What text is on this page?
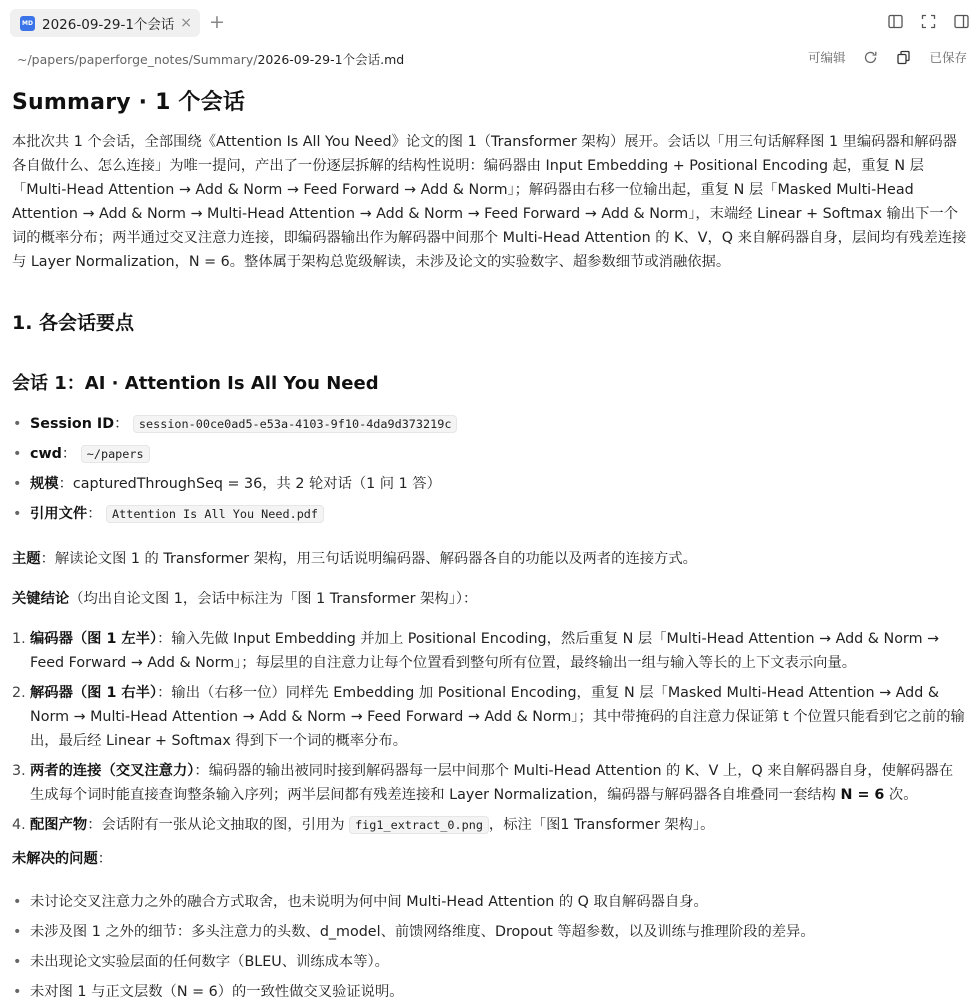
MD 2026-09-29-1个会话 × +
~/papers/paperforge_notes/Summary/2026-09-29-1个会话.md	可编辑	已保存
Summary · 1 个会话

本批次共 1 个会话，全部围绕《Attention Is All You Need》论文的图 1（Transformer 架构）展开。会话以「用三句话解释图 1 里编码器和解码器各自做什么、怎么连接」为唯一提问，产出了一份逐层拆解的结构性说明：编码器由 Input Embedding + Positional Encoding 起，重复 N 层「Multi-Head Attention → Add & Norm → Feed Forward → Add & Norm」；解码器由右移一位输出起，重复 N 层「Masked Multi-Head Attention → Add & Norm → Multi-Head Attention → Add & Norm → Feed Forward → Add & Norm」，末端经 Linear + Softmax 输出下一个词的概率分布；两半通过交叉注意力连接，即编码器输出作为解码器中间那个 Multi-Head Attention 的 K、V，Q 来自解码器自身，层间均有残差连接与 Layer Normalization，N = 6。整体属于架构总览级解读，未涉及论文的实验数字、超参数细节或消融依据。

1. 各会话要点
会话 1：AI · Attention Is All You Need
• Session ID： session-00ce0ad5-e53a-4103-9f10-4da9d373219c
• cwd： ~/papers
• 规模：capturedThroughSeq = 36，共 2 轮对话（1 问 1 答）
• 引用文件： Attention Is All You Need.pdf
主题：解读论文图 1 的 Transformer 架构，用三句话说明编码器、解码器各自的功能以及两者的连接方式。
关键结论（均出自论文图 1，会话中标注为「图 1 Transformer 架构」）：
1. 编码器（图 1 左半）：输入先做 Input Embedding 并加上 Positional Encoding，然后重复 N 层「Multi-Head Attention → Add & Norm → Feed Forward → Add & Norm」；每层里的自注意力让每个位置看到整句所有位置，最终输出一组与输入等长的上下文表示向量。
2. 解码器（图 1 右半）：输出（右移一位）同样先 Embedding 加 Positional Encoding，重复 N 层「Masked Multi-Head Attention → Add & Norm → Multi-Head Attention → Add & Norm → Feed Forward → Add & Norm」；其中带掩码的自注意力保证第 t 个位置只能看到它之前的输出，最后经 Linear + Softmax 得到下一个词的概率分布。
3. 两者的连接（交叉注意力）：编码器的输出被同时接到解码器每一层中间那个 Multi-Head Attention 的 K、V 上，Q 来自解码器自身，使解码器在生成每个词时能直接查询整条输入序列；两半层间都有残差连接和 Layer Normalization，编码器与解码器各自堆叠同一套结构 N = 6 次。
4. 配图产物：会话附有一张从论文抽取的图，引用为 fig1_extract_0.png ，标注「图1 Transformer 架构」。
未解决的问题：
• 未讨论交叉注意力之外的融合方式取舍，也未说明为何中间 Multi-Head Attention 的 Q 取自解码器自身。
• 未涉及图 1 之外的细节：多头注意力的头数、d_model、前馈网络维度、Dropout 等超参数，以及训练与推理阶段的差异。
• 未出现论文实验层面的任何数字（BLEU、训练成本等）。
• 未对图 1 与正文层数（N = 6）的一致性做交叉验证说明。
